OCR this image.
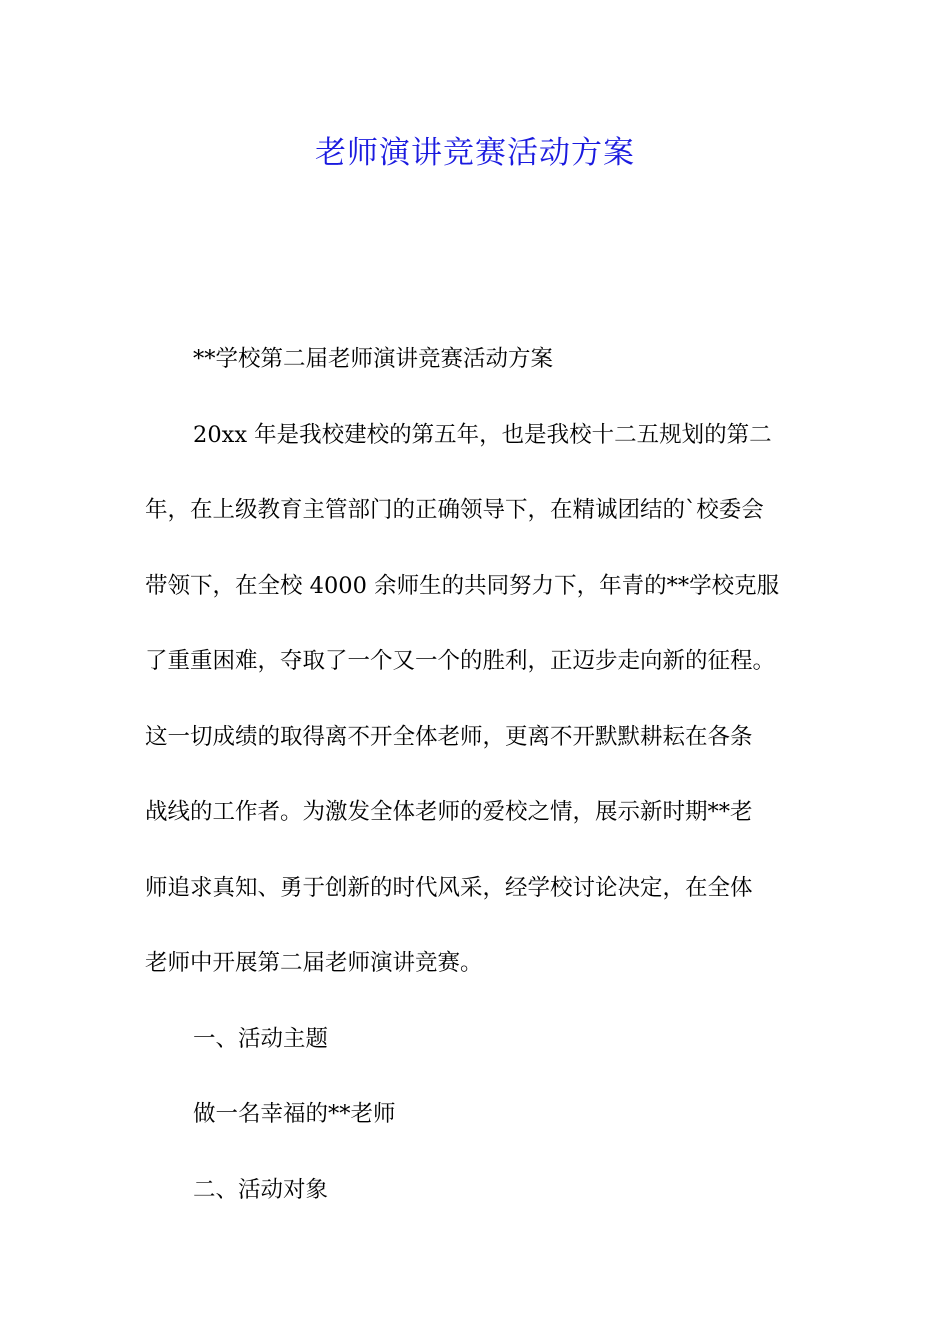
老师演讲竞赛活动方案

**学校第二届老师演讲竞赛活动方案

20xx 年是我校建校的第五年，也是我校十二五规划的第二
年，在上级教育主管部门的正确领导下，在精诚团结的`校委会
带领下，在全校 4000 余师生的共同努力下，年青的**学校克服
了重重困难，夺取了一个又一个的胜利，正迈步走向新的征程。
这一切成绩的取得离不开全体老师，更离不开默默耕耘在各条
战线的工作者。为激发全体老师的爱校之情，展示新时期**老
师追求真知、勇于创新的时代风采，经学校讨论决定，在全体
老师中开展第二届老师演讲竞赛。

一、活动主题

做一名幸福的**老师

二、活动对象
